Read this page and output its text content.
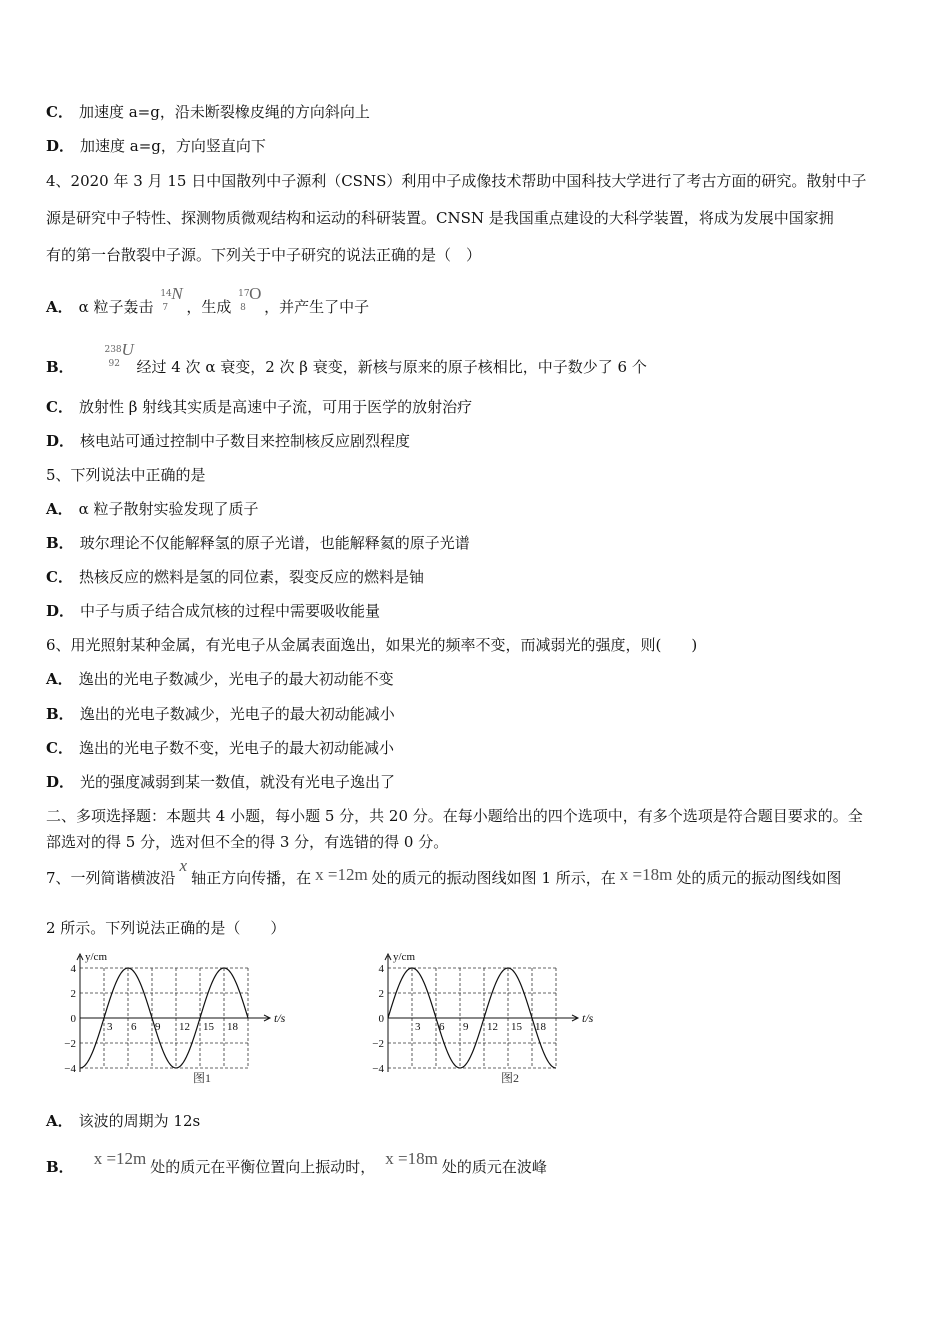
C． 加速度 a=g，沿未断裂橡皮绳的方向斜向上
D． 加速度 a=g，方向竖直向下
4、2020 年 3 月 15 日中国散列中子源利（CSNS）利用中子成像技术帮助中国科技大学进行了考古方面的研究。散射中子
源是研究中子特性、探测物质微观结构和运动的科研装置。CNSN 是我国重点建设的大科学装置，将成为发展中国家拥
有的第一台散裂中子源。下列关于中子研究的说法正确的是（　）
A． α 粒子轰击
14
7
N
，生成
17
8
O
，并产生了中子
B．
238
92
U
经过 4 次 α 衰变，2 次 β 衰变，新核与原来的原子核相比，中子数少了 6 个
C． 放射性 β 射线其实质是高速中子流，可用于医学的放射治疗
D． 核电站可通过控制中子数目来控制核反应剧烈程度
5、下列说法中正确的是
A． α 粒子散射实验发现了质子
B． 玻尔理论不仅能解释氢的原子光谱，也能解释氦的原子光谱
C． 热核反应的燃料是氢的同位素，裂变反应的燃料是铀
D． 中子与质子结合成氘核的过程中需要吸收能量
6、用光照射某种金属，有光电子从金属表面逸出，如果光的频率不变，而减弱光的强度，则(　　)
A． 逸出的光电子数减少，光电子的最大初动能不变
B． 逸出的光电子数减少，光电子的最大初动能减小
C． 逸出的光电子数不变，光电子的最大初动能减小
D． 光的强度减弱到某一数值，就没有光电子逸出了
二、多项选择题：本题共 4 小题，每小题 5 分，共 20 分。在每小题给出的四个选项中，有多个选项是符合题目要求的。全
部选对的得 5 分，选对但不全的得 3 分，有选错的得 0 分。
7、一列简谐横波沿x轴正方向传播，在 x =12m 处的质元的振动图线如图 1 所示，在 x =18m 处的质元的振动图线如图
2 所示。下列说法正确的是（　　）
y/cm
t/s
−4
−2
0
2
4
3 6 9 12 15 18
图1
y/cm
t/s
−4
−2
0
2
4
3 6 9 12 15 18
图2
A． 该波的周期为 12s
B． x =12m 处的质元在平衡位置向上振动时， x =18m 处的质元在波峰
